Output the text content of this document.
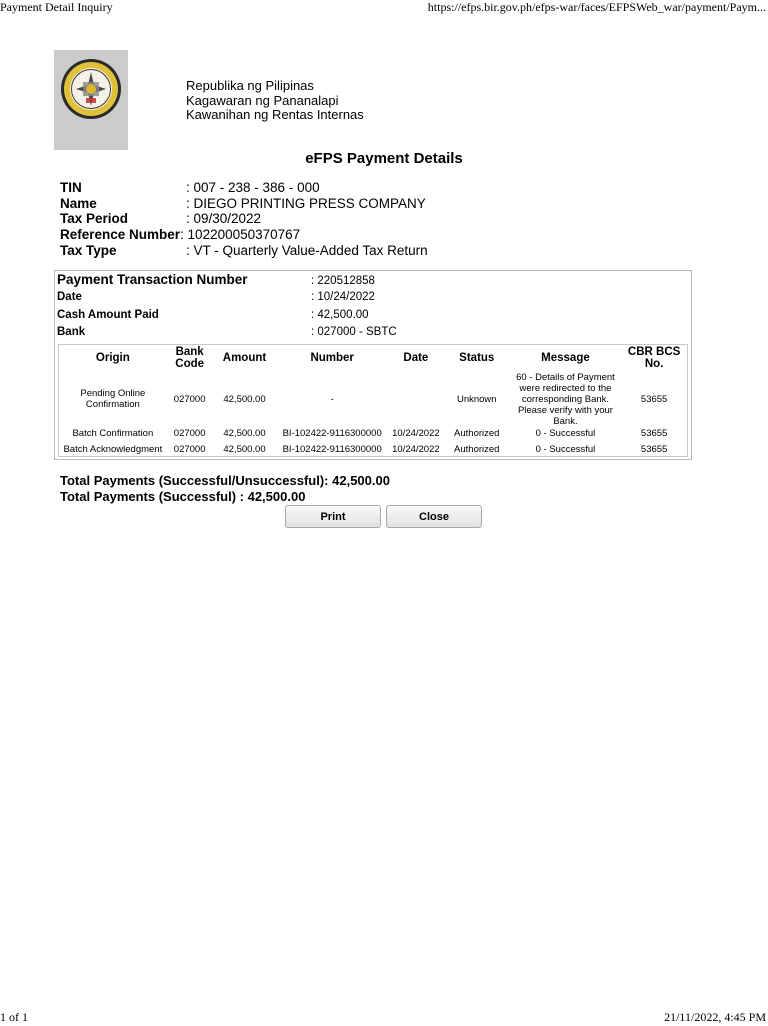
Payment Detail Inquiry	https://efps.bir.gov.ph/efps-war/faces/EFPSWeb_war/payment/Paym...
Republika ng Pilipinas
Kagawaran ng Pananalapi
Kawanihan ng Rentas Internas
eFPS Payment Details
TIN	: 007 - 238 - 386 - 000
Name	: DIEGO PRINTING PRESS COMPANY
Tax Period	: 09/30/2022
Reference Number : 102200050370767
Tax Type	: VT - Quarterly Value-Added Tax Return
Payment Transaction Number	: 220512858
Date	: 10/24/2022
Cash Amount Paid	: 42,500.00
Bank	: 027000 - SBTC
Origin	Bank Code	Amount	Number	Date	Status	Message	CBR BCS No.
Pending Online Confirmation	027000	42,500.00	-		Unknown	60 - Details of Payment were redirected to the corresponding Bank. Please verify with your Bank.	53655
Batch Confirmation	027000	42,500.00	BI-102422-9116300000	10/24/2022	Authorized	0 - Successful	53655
Batch Acknowledgment	027000	42,500.00	BI-102422-9116300000	10/24/2022	Authorized	0 - Successful	53655
Total Payments (Successful/Unsuccessful): 42,500.00
Total Payments (Successful) : 42,500.00
Print	Close
1 of 1	21/11/2022, 4:45 PM
